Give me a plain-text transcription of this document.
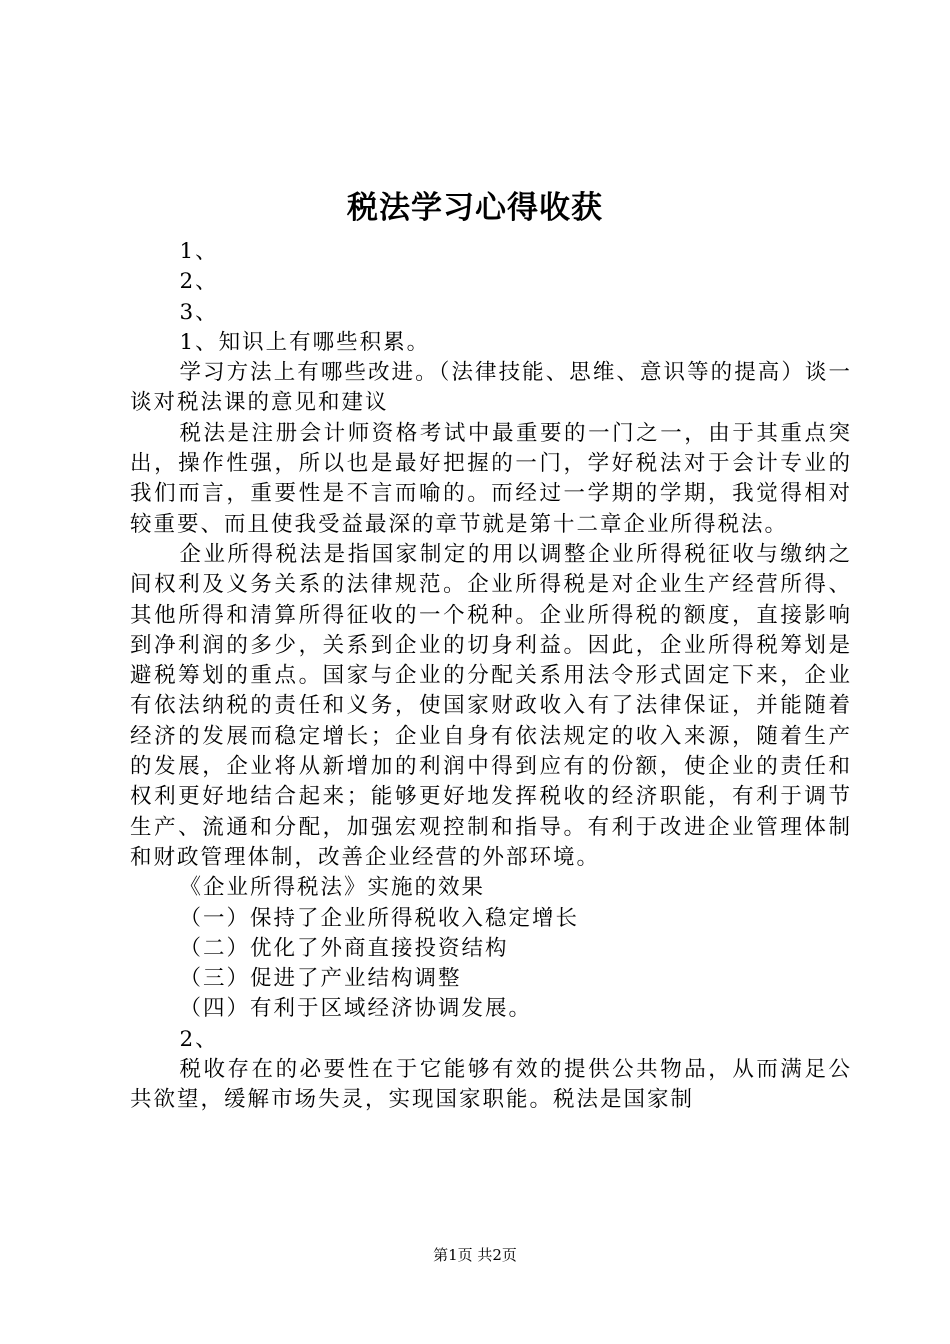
税法学习心得收获

1、

2、

3、

1、知识上有哪些积累。

学习方法上有哪些改进。（法律技能、思维、意识等的提高）谈一谈对税法课的意见和建议

税法是注册会计师资格考试中最重要的一门之一，由于其重点突出，操作性强，所以也是最好把握的一门，学好税法对于会计专业的我们而言，重要性是不言而喻的。而经过一学期的学期，我觉得相对较重要、而且使我受益最深的章节就是第十二章企业所得税法。

企业所得税法是指国家制定的用以调整企业所得税征收与缴纳之间权利及义务关系的法律规范。企业所得税是对企业生产经营所得、其他所得和清算所得征收的一个税种。企业所得税的额度，直接影响到净利润的多少，关系到企业的切身利益。因此，企业所得税筹划是避税筹划的重点。国家与企业的分配关系用法令形式固定下来，企业有依法纳税的责任和义务，使国家财政收入有了法律保证，并能随着经济的发展而稳定增长；企业自身有依法规定的收入来源，随着生产的发展，企业将从新增加的利润中得到应有的份额，使企业的责任和权利更好地结合起来；能够更好地发挥税收的经济职能，有利于调节生产、流通和分配，加强宏观控制和指导。有利于改进企业管理体制和财政管理体制，改善企业经营的外部环境。

《企业所得税法》实施的效果

（一）保持了企业所得税收入稳定增长

（二）优化了外商直接投资结构

（三）促进了产业结构调整

（四）有利于区域经济协调发展。

2、

税收存在的必要性在于它能够有效的提供公共物品，从而满足公共欲望，缓解市场失灵，实现国家职能。税法是国家制

第1页 共2页
